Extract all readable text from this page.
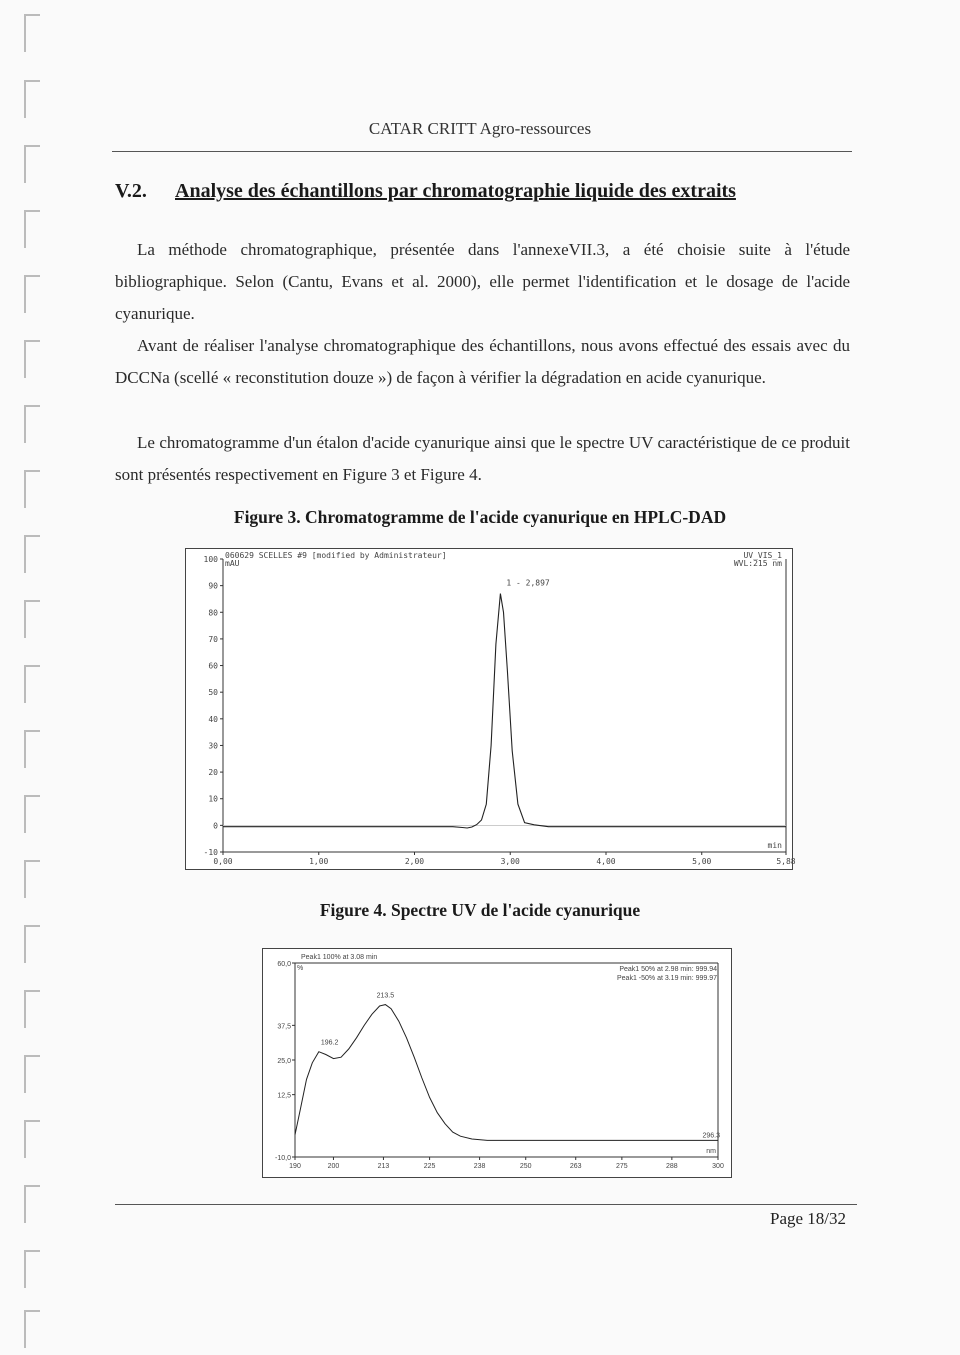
CATAR CRITT Agro-ressources
V.2. Analyse des échantillons par chromatographie liquide des extraits
La méthode chromatographique, présentée dans l'annexeVII.3, a été choisie suite à l'étude bibliographique. Selon (Cantu, Evans et al. 2000), elle permet l'identification et le dosage de l'acide cyanurique.
Avant de réaliser l'analyse chromatographique des échantillons, nous avons effectué des essais avec du DCCNa (scellé « reconstitution douze ») de façon à vérifier la dégradation en acide cyanurique.
Le chromatogramme d'un étalon d'acide cyanurique ainsi que le spectre UV caractéristique de ce produit sont présentés respectivement en Figure 3 et Figure 4.
Figure 3. Chromatogramme de l'acide cyanurique en HPLC-DAD
-10
0
10
20
30
40
50
60
70
80
90
100
0,00	1,00	2,00	3,00	4,00	5,00	5,88
060629 SCELLES #9 [modified by Administrateur]
mAU
UV_VIS_1
WVL:215 nm
min
1 - 2,897
Figure 4. Spectre UV de l'acide cyanurique
-10,0
12,5
25,0
37,5
60,0
190	200	213	225	238	250	263	275	288	300
Peak1 100% at 3.08 min
%	Peak1 50% at 2.98 min: 999.94
Peak1 -50% at 3.19 min: 999.97
nm
196.2
213.5
296.3
Page 18/32
